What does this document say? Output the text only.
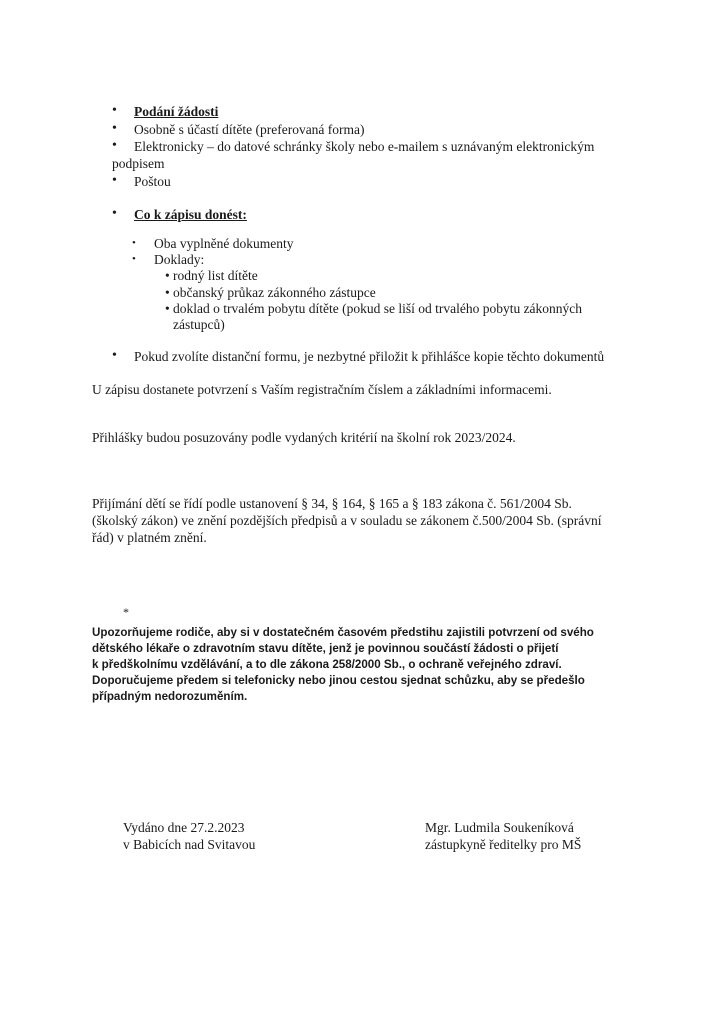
• Podání žádosti
• Osobně s účastí dítěte (preferovaná forma)
• Elektronicky – do datové schránky školy nebo e-mailem s uznávaným elektronickým
podpisem
• Poštou
• Co k zápisu donést:
• Oba vyplněné dokumenty
• Doklady:
• rodný list dítěte
• občanský průkaz zákonného zástupce
• doklad o trvalém pobytu dítěte (pokud se liší od trvalého pobytu zákonných
zástupců)
• Pokud zvolíte distanční formu, je nezbytné přiložit k přihlášce kopie těchto dokumentů
U zápisu dostanete potvrzení s Vaším registračním číslem a základními informacemi.
Přihlášky budou posuzovány podle vydaných kritérií na školní rok 2023/2024.
Přijímání dětí se řídí podle ustanovení § 34, § 164, § 165 a § 183 zákona č. 561/2004 Sb.
(školský zákon) ve znění pozdějších předpisů a v souladu se zákonem č.500/2004 Sb. (správní
řád) v platném znění.
*
Upozorňujeme rodiče, aby si v dostatečném časovém předstihu zajistili potvrzení od svého
dětského lékaře o zdravotním stavu dítěte, jenž je povinnou součástí žádosti o přijetí
k předškolnímu vzdělávání, a to dle zákona 258/2000 Sb., o ochraně veřejného zdraví.
Doporučujeme předem si telefonicky nebo jinou cestou sjednat schůzku, aby se předešlo
případným nedorozuměním.
Vydáno dne 27.2.2023
v Babicích nad Svitavou
Mgr. Ludmila Soukeníková
zástupkyně ředitelky pro MŠ
